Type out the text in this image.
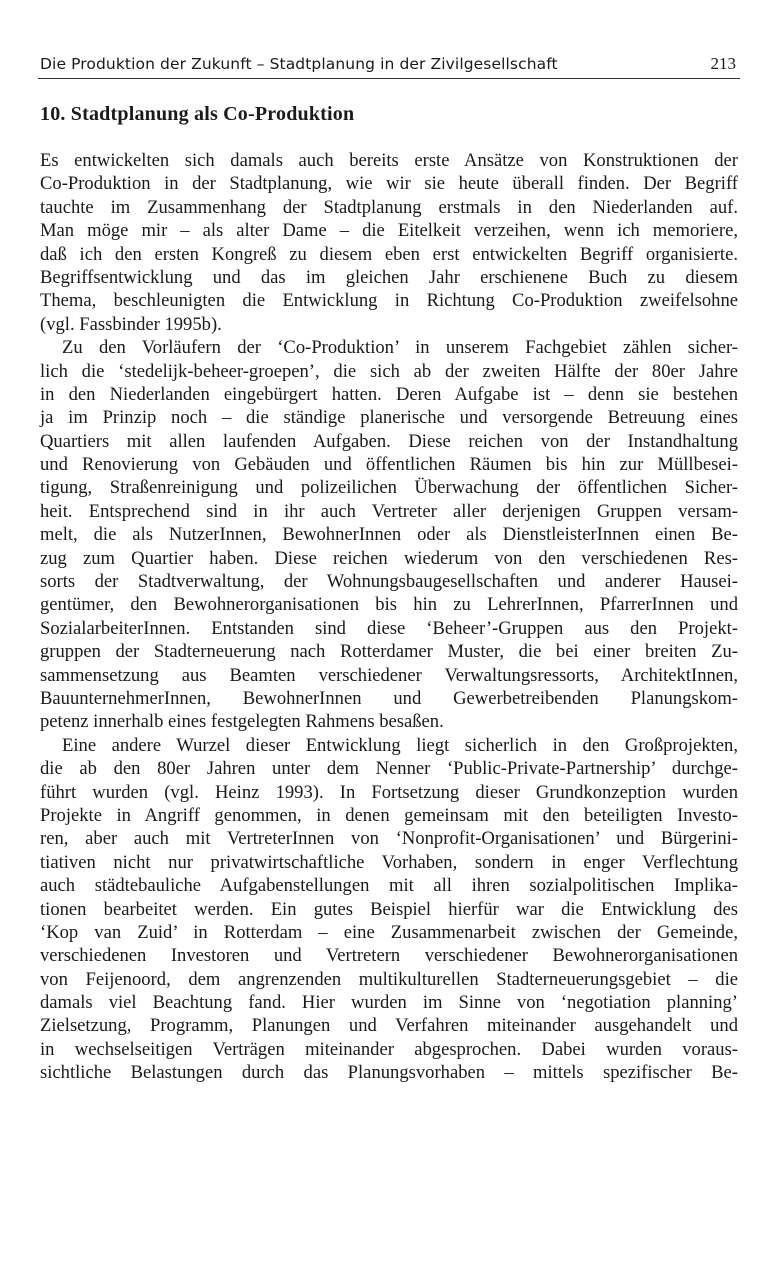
Die Produktion der Zukunft – Stadtplanung in der Zivilgesellschaft	213
10. Stadtplanung als Co-Produktion
Es entwickelten sich damals auch bereits erste Ansätze von Konstruktionen der
Co-Produktion in der Stadtplanung, wie wir sie heute überall finden. Der Begriff
tauchte im Zusammenhang der Stadtplanung erstmals in den Niederlanden auf.
Man möge mir – als alter Dame – die Eitelkeit verzeihen, wenn ich memoriere,
daß ich den ersten Kongreß zu diesem eben erst entwickelten Begriff organisierte.
Begriffsentwicklung und das im gleichen Jahr erschienene Buch zu diesem
Thema, beschleunigten die Entwicklung in Richtung Co-Produktion zweifelsohne
(vgl. Fassbinder 1995b).
Zu den Vorläufern der ‘Co-Produktion’ in unserem Fachgebiet zählen sicher-
lich die ‘stedelijk-beheer-groepen’, die sich ab der zweiten Hälfte der 80er Jahre
in den Niederlanden eingebürgert hatten. Deren Aufgabe ist – denn sie bestehen
ja im Prinzip noch – die ständige planerische und versorgende Betreuung eines
Quartiers mit allen laufenden Aufgaben. Diese reichen von der Instandhaltung
und Renovierung von Gebäuden und öffentlichen Räumen bis hin zur Müllbesei-
tigung, Straßenreinigung und polizeilichen Überwachung der öffentlichen Sicher-
heit. Entsprechend sind in ihr auch Vertreter aller derjenigen Gruppen versam-
melt, die als NutzerInnen, BewohnerInnen oder als DienstleisterInnen einen Be-
zug zum Quartier haben. Diese reichen wiederum von den verschiedenen Res-
sorts der Stadtverwaltung, der Wohnungsbaugesellschaften und anderer Hausei-
gentümer, den Bewohnerorganisationen bis hin zu LehrerInnen, PfarrerInnen und
SozialarbeiterInnen. Entstanden sind diese ‘Beheer’-Gruppen aus den Projekt-
gruppen der Stadterneuerung nach Rotterdamer Muster, die bei einer breiten Zu-
sammensetzung aus Beamten verschiedener Verwaltungsressorts, ArchitektInnen,
BauunternehmerInnen, BewohnerInnen und Gewerbetreibenden Planungskom-
petenz innerhalb eines festgelegten Rahmens besaßen.
Eine andere Wurzel dieser Entwicklung liegt sicherlich in den Großprojekten,
die ab den 80er Jahren unter dem Nenner ‘Public-Private-Partnership’ durchge-
führt wurden (vgl. Heinz 1993). In Fortsetzung dieser Grundkonzeption wurden
Projekte in Angriff genommen, in denen gemeinsam mit den beteiligten Investo-
ren, aber auch mit VertreterInnen von ‘Nonprofit-Organisationen’ und Bürgerini-
tiativen nicht nur privatwirtschaftliche Vorhaben, sondern in enger Verflechtung
auch städtebauliche Aufgabenstellungen mit all ihren sozialpolitischen Implika-
tionen bearbeitet werden. Ein gutes Beispiel hierfür war die Entwicklung des
‘Kop van Zuid’ in Rotterdam – eine Zusammenarbeit zwischen der Gemeinde,
verschiedenen Investoren und Vertretern verschiedener Bewohnerorganisationen
von Feijenoord, dem angrenzenden multikulturellen Stadterneuerungsgebiet – die
damals viel Beachtung fand. Hier wurden im Sinne von ‘negotiation planning’
Zielsetzung, Programm, Planungen und Verfahren miteinander ausgehandelt und
in wechselseitigen Verträgen miteinander abgesprochen. Dabei wurden voraus-
sichtliche Belastungen durch das Planungsvorhaben – mittels spezifischer Be-
